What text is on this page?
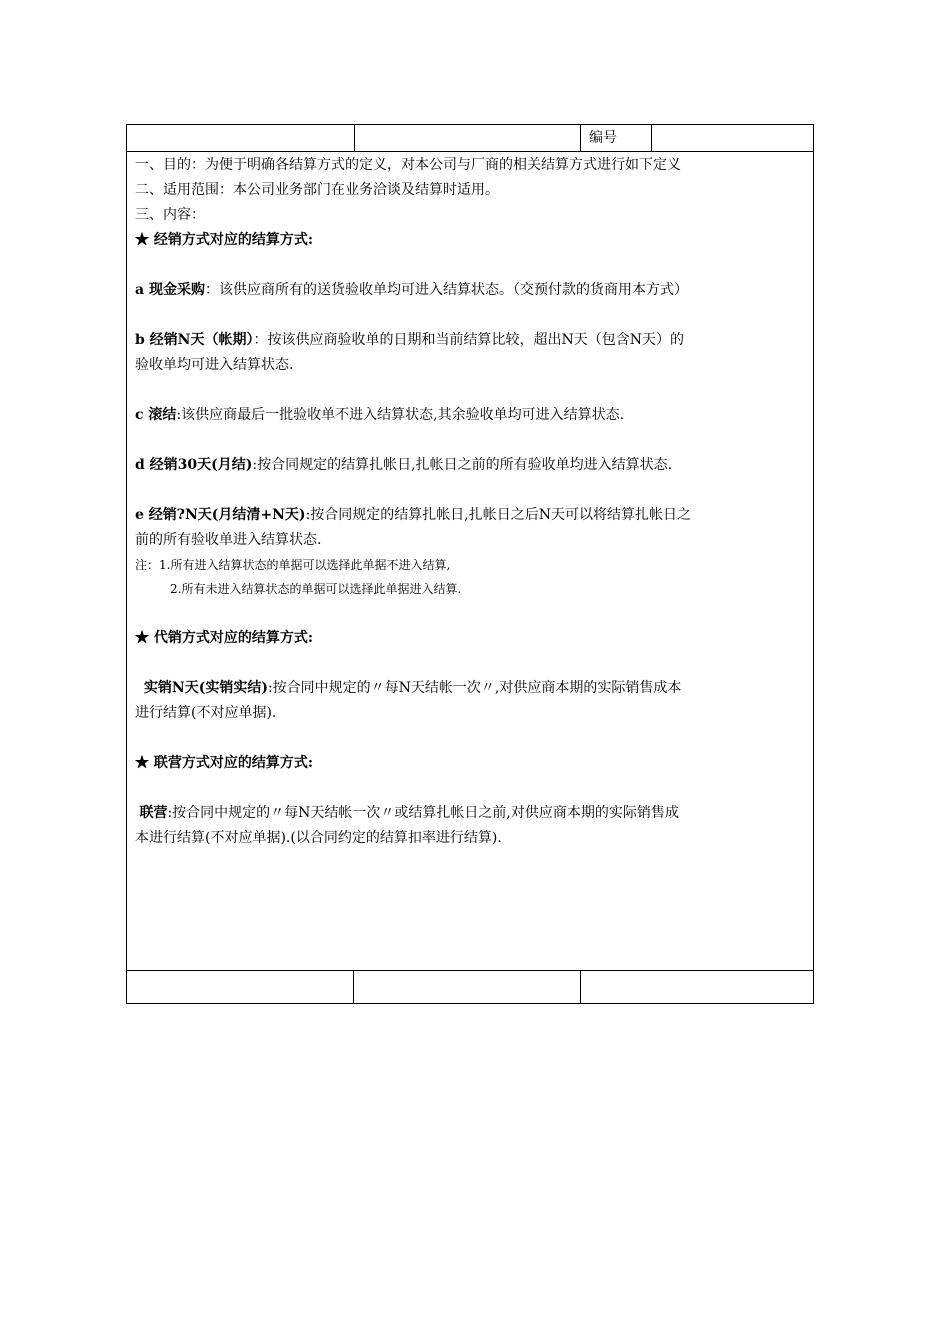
编号
一、目的：为便于明确各结算方式的定义，对本公司与厂商的相关结算方式进行如下定义
二、适用范围：本公司业务部门在业务洽谈及结算时适用。
三、内容：
★ 经销方式对应的结算方式:
a 现金采购：该供应商所有的送货验收单均可进入结算状态。（交预付款的货商用本方式）
b 经销N天（帐期）：按该供应商验收单的日期和当前结算比较，超出N天（包含N天）的
验收单均可进入结算状态.
c 滚结:该供应商最后一批验收单不进入结算状态,其余验收单均可进入结算状态.
d 经销30天(月结):按合同规定的结算扎帐日,扎帐日之前的所有验收单均进入结算状态.
e 经销?N天(月结清+N天):按合同规定的结算扎帐日,扎帐日之后N天可以将结算扎帐日之
前的所有验收单进入结算状态.
注：1.所有进入结算状态的单据可以选择此单据不进入结算,
2.所有未进入结算状态的单据可以选择此单据进入结算.
★ 代销方式对应的结算方式:
实销N天(实销实结):按合同中规定的〃每N天结帐一次〃,对供应商本期的实际销售成本
进行结算(不对应单据).
★ 联营方式对应的结算方式:
联营:按合同中规定的〃每N天结帐一次〃或结算扎帐日之前,对供应商本期的实际销售成
本进行结算(不对应单据).(以合同约定的结算扣率进行结算).
